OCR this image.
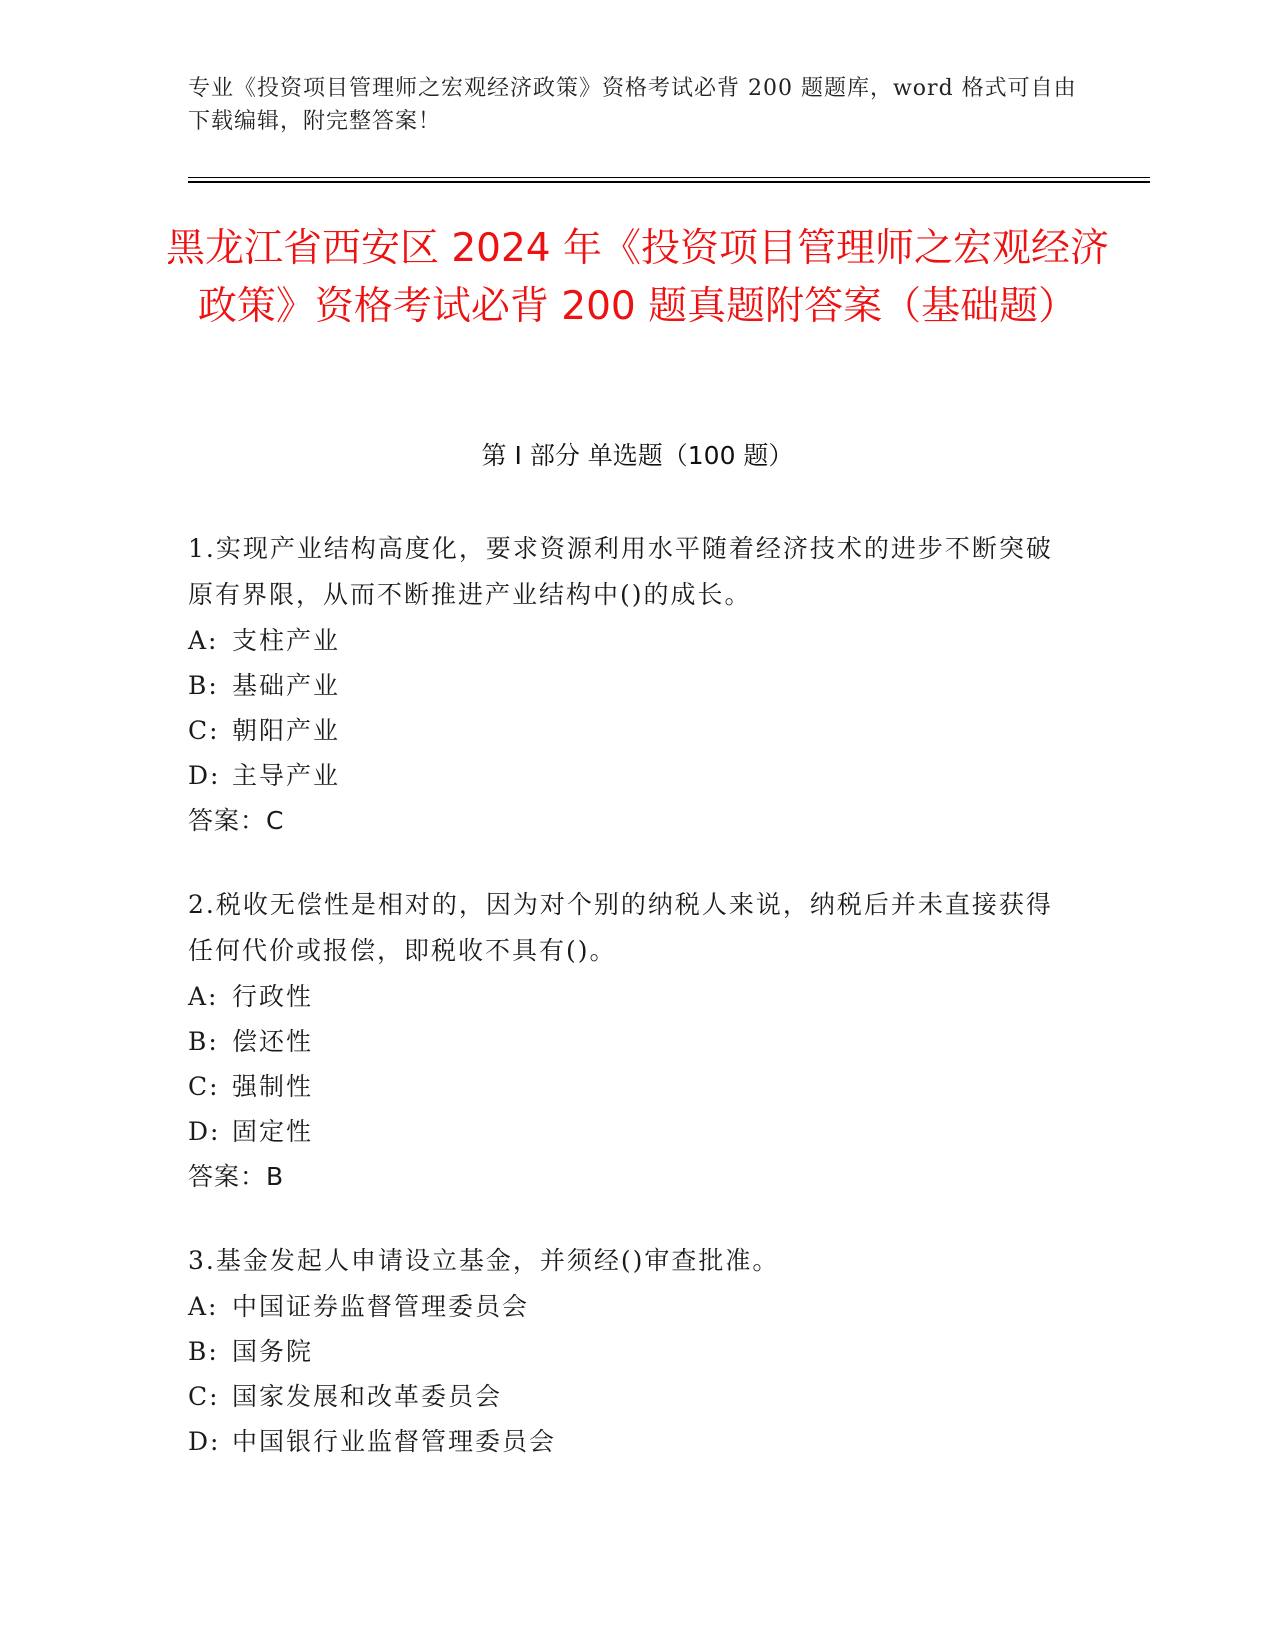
专业《投资项目管理师之宏观经济政策》资格考试必背 200 题题库，word 格式可自由下载编辑，附完整答案！
黑龙江省西安区 2024 年《投资项目管理师之宏观经济政策》资格考试必背 200 题真题附答案（基础题）
第 I 部分 单选题（100 题）
1.实现产业结构高度化，要求资源利用水平随着经济技术的进步不断突破原有界限，从而不断推进产业结构中()的成长。
A: 支柱产业
B: 基础产业
C: 朝阳产业
D: 主导产业
答案：C
2.税收无偿性是相对的，因为对个别的纳税人来说，纳税后并未直接获得任何代价或报偿，即税收不具有()。
A: 行政性
B: 偿还性
C: 强制性
D: 固定性
答案：B
3.基金发起人申请设立基金，并须经()审查批准。
A: 中国证券监督管理委员会
B: 国务院
C: 国家发展和改革委员会
D: 中国银行业监督管理委员会
